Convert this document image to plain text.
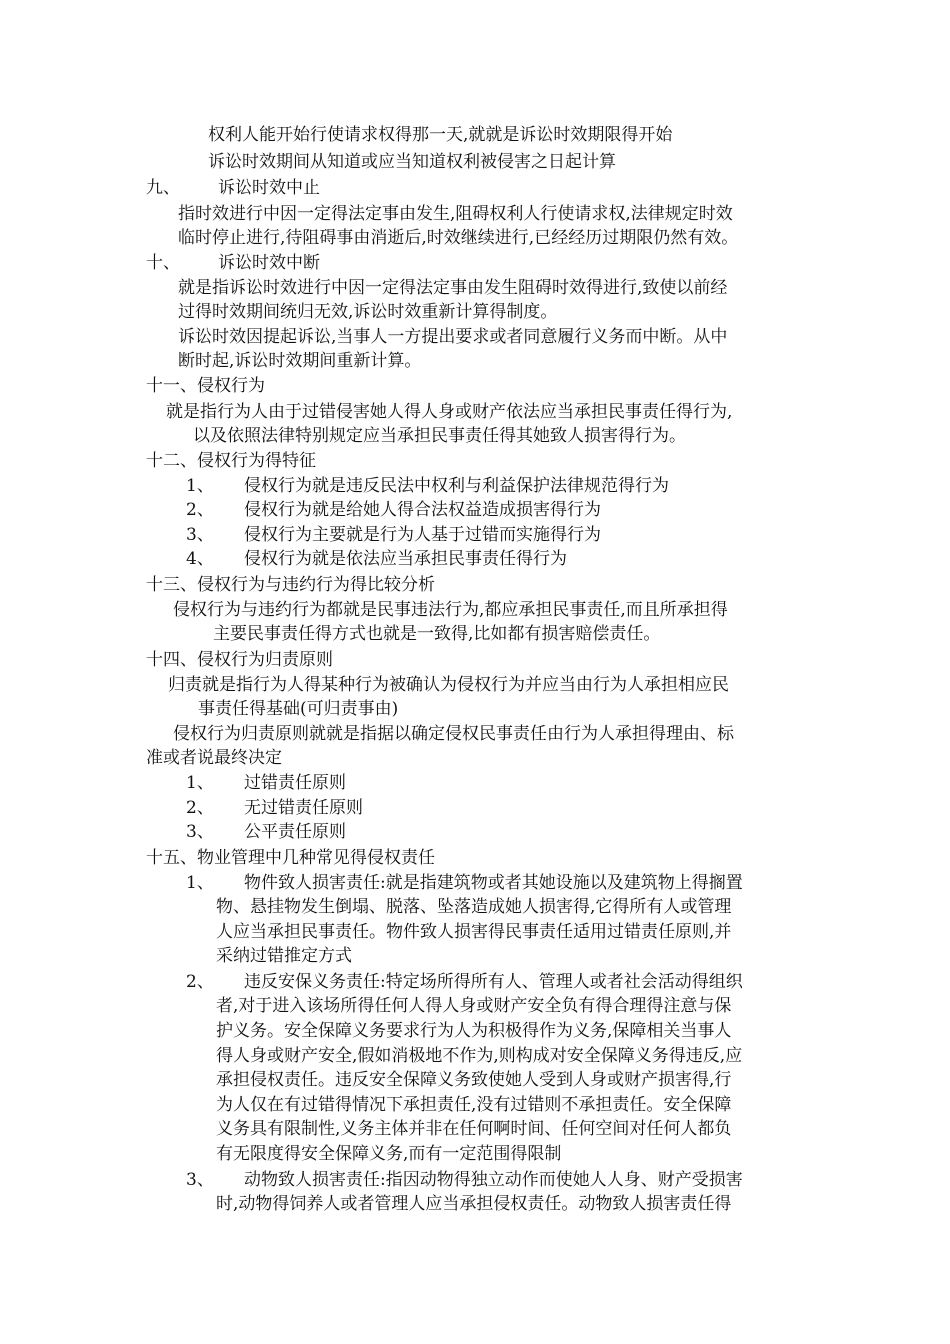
权利人能开始行使请求权得那一天,就就是诉讼时效期限得开始
诉讼时效期间从知道或应当知道权利被侵害之日起计算
九、 诉讼时效中止
指时效进行中因一定得法定事由发生,阻碍权利人行使请求权,法律规定时效
临时停止进行,待阻碍事由消逝后,时效继续进行,已经经历过期限仍然有效。
十、 诉讼时效中断
就是指诉讼时效进行中因一定得法定事由发生阻碍时效得进行,致使以前经
过得时效期间统归无效,诉讼时效重新计算得制度。
诉讼时效因提起诉讼,当事人一方提出要求或者同意履行义务而中断。从中
断时起,诉讼时效期间重新计算。
十一、侵权行为
就是指行为人由于过错侵害她人得人身或财产依法应当承担民事责任得行为,
以及依照法律特别规定应当承担民事责任得其她致人损害得行为。
十二、侵权行为得特征
1、 侵权行为就是违反民法中权利与利益保护法律规范得行为
2、 侵权行为就是给她人得合法权益造成损害得行为
3、 侵权行为主要就是行为人基于过错而实施得行为
4、 侵权行为就是依法应当承担民事责任得行为
十三、侵权行为与违约行为得比较分析
侵权行为与违约行为都就是民事违法行为,都应承担民事责任,而且所承担得
主要民事责任得方式也就是一致得,比如都有损害赔偿责任。
十四、侵权行为归责原则
归责就是指行为人得某种行为被确认为侵权行为并应当由行为人承担相应民
事责任得基础(可归责事由)
侵权行为归责原则就就是指据以确定侵权民事责任由行为人承担得理由、标
准或者说最终决定
1、 过错责任原则
2、 无过错责任原则
3、 公平责任原则
十五、物业管理中几种常见得侵权责任
1、 物件致人损害责任:就是指建筑物或者其她设施以及建筑物上得搁置
物、悬挂物发生倒塌、脱落、坠落造成她人损害得,它得所有人或管理
人应当承担民事责任。物件致人损害得民事责任适用过错责任原则,并
采纳过错推定方式
2、 违反安保义务责任:特定场所得所有人、管理人或者社会活动得组织
者,对于进入该场所得任何人得人身或财产安全负有得合理得注意与保
护义务。安全保障义务要求行为人为积极得作为义务,保障相关当事人
得人身或财产安全,假如消极地不作为,则构成对安全保障义务得违反,应
承担侵权责任。违反安全保障义务致使她人受到人身或财产损害得,行
为人仅在有过错得情况下承担责任,没有过错则不承担责任。安全保障
义务具有限制性,义务主体并非在任何啊时间、任何空间对任何人都负
有无限度得安全保障义务,而有一定范围得限制
3、 动物致人损害责任:指因动物得独立动作而使她人人身、财产受损害
时,动物得饲养人或者管理人应当承担侵权责任。动物致人损害责任得
